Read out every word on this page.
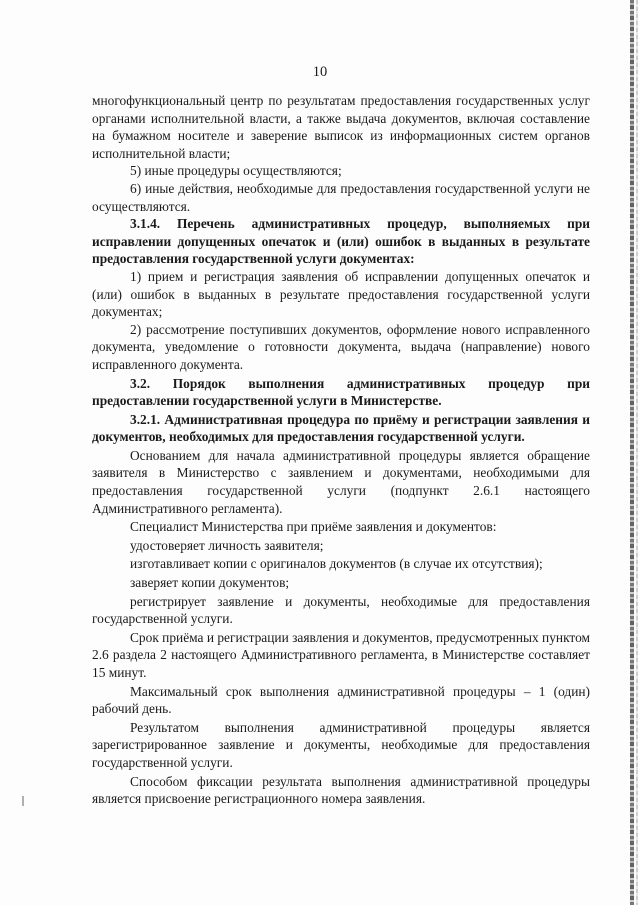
10

многофункциональный центр по результатам предоставления государственных услуг органами исполнительной власти, а также выдача документов, включая составление на бумажном носителе и заверение выписок из информационных систем органов исполнительной власти;

5) иные процедуры осуществляются;

6) иные действия, необходимые для предоставления государственной услуги не осуществляются.

3.1.4. Перечень административных процедур, выполняемых при исправлении допущенных опечаток и (или) ошибок в выданных в результате предоставления государственной услуги документах:

1) прием и регистрация заявления об исправлении допущенных опечаток и (или) ошибок в выданных в результате предоставления государственной услуги документах;

2) рассмотрение поступивших документов, оформление нового исправленного документа, уведомление о готовности документа, выдача (направление) нового исправленного документа.

3.2. Порядок выполнения административных процедур при предоставлении государственной услуги в Министерстве.

3.2.1. Административная процедура по приёму и регистрации заявления и документов, необходимых для предоставления государственной услуги.

Основанием для начала административной процедуры является обращение заявителя в Министерство с заявлением и документами, необходимыми для предоставления государственной услуги (подпункт 2.6.1 настоящего Административного регламента).

Специалист Министерства при приёме заявления и документов:

удостоверяет личность заявителя;

изготавливает копии с оригиналов документов (в случае их отсутствия);

заверяет копии документов;

регистрирует заявление и документы, необходимые для предоставления государственной услуги.

Срок приёма и регистрации заявления и документов, предусмотренных пунктом 2.6 раздела 2 настоящего Административного регламента, в Министерстве составляет 15 минут.

Максимальный срок выполнения административной процедуры – 1 (один) рабочий день.

Результатом выполнения административной процедуры является зарегистрированное заявление и документы, необходимые для предоставления государственной услуги.

Способом фиксации результата выполнения административной процедуры является присвоение регистрационного номера заявления.
